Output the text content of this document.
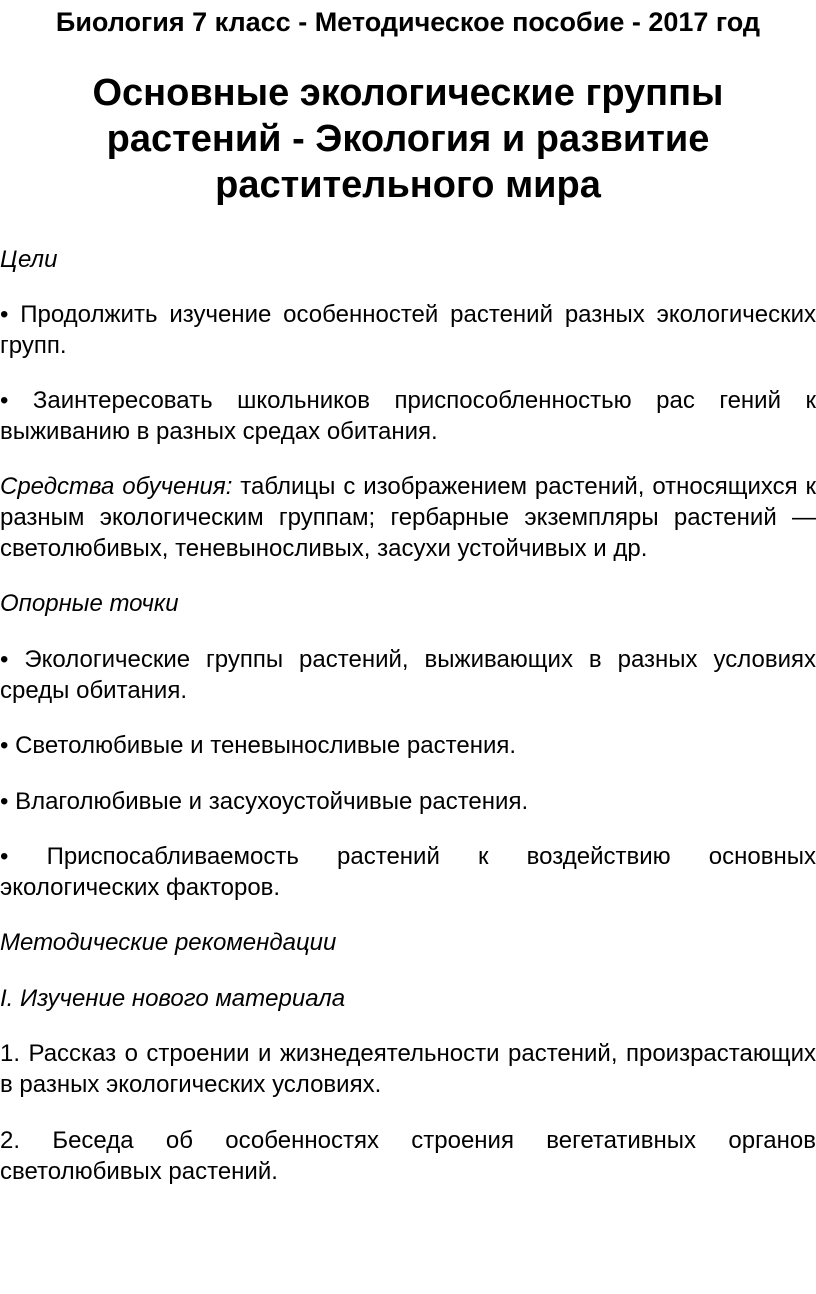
Биология 7 класс - Методическое пособие - 2017 год
Основные экологические группы растений - Экология и развитие растительного мира

Цели

• Продолжить изучение особенностей растений разных экологических групп.

• Заинтересовать школьников приспособленностью рас гений к выживанию в разных средах обитания.

Средства обучения: таблицы с изображением растений, относящихся к разным экологическим группам; гербарные экземпляры растений — светолюбивых, теневыносливых, засухи устойчивых и др.

Опорные точки

• Экологические группы растений, выживающих в разных условиях среды обитания.

• Светолюбивые и теневыносливые растения.

• Влаголюбивые и засухоустойчивые растения.

• Приспосабливаемость растений к воздействию основных экологических факторов.

Методические рекомендации

I. Изучение нового материала

1. Рассказ о строении и жизнедеятельности растений, произрастающих в разных экологических условиях.

2. Беседа об особенностях строения вегетативных органов светолюбивых растений.
